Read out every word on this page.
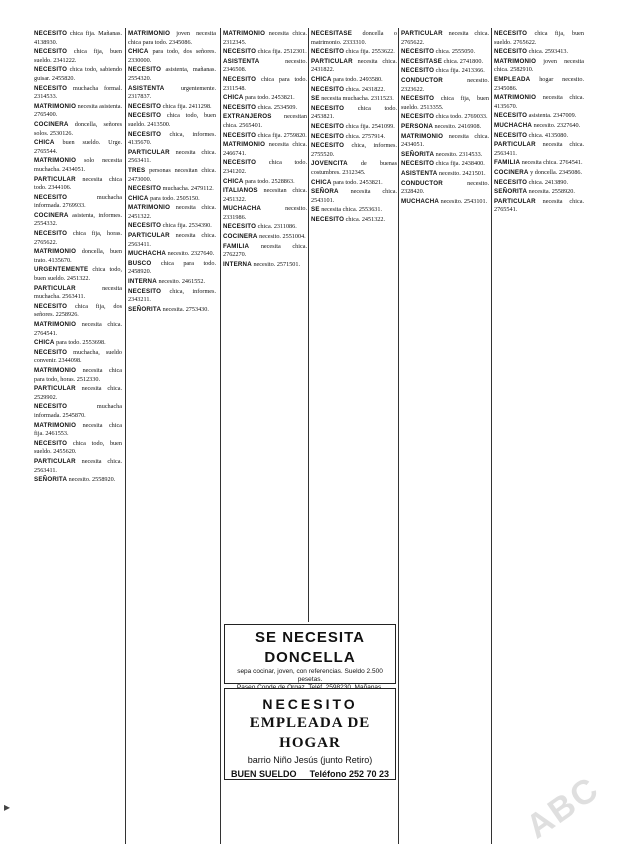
NECESITO chica fija. Mañanas. 4138930.

NECESITO chica fija, buen sueldo. 2341222.

NECESITO chica todo, sabiendo guisar. 2455820.

NECESITO muchacha formal. 2314533.

MATRIMONIO necesita asistenta. 2765400.

COCINERA doncella, señores solos. 2530126.

CHICA buen sueldo. Urge. 2765544.

MATRIMONIO solo necesita muchacha. 2434051.

PARTICULAR necesita chica todo. 2344106.

NECESITO	muchacha informada. 2769933.

COCINERA asistenta, informes. 2554332.

NECESITO chica fija, horas. 2765622.

MATRIMONIO doncella, buen trato. 4135670.

URGENTEMENTE chica todo, buen sueldo. 2451322.

PARTICULAR	necesita muchacha. 2563411.

NECESITO chica fija, dos señores. 2258926.

MATRIMONIO necesita chica. 2764541.

CHICA para todo. 2553698.

NECESITO muchacha, sueldo convenir. 2344098.

MATRIMONIO necesita chica para todo, horas. 2512330.

PARTICULAR necesita chica. 2529902.

NECESITO	muchacha informada. 2545870.

MATRIMONIO necesita chica fija. 2461553.

NECESITO chica todo, buen sueldo. 2455620.

PARTICULAR necesita chica. 2563411.

SEÑORITA necesito. 2558920.

MATRIMONIO joven necesita chica para todo. 2345086.

CHICA para todo, dos señores. 2330000.

NECESITO asistenta, mañanas. 2554320.

ASISTENTA	urgentemente. 2317837.

NECESITO chica fija. 2411298.

NECESITO chica todo, buen sueldo. 2413500.

NECESITO chica, informes. 4135670.

PARTICULAR necesita chica. 2563411.

TRES personas necesitan chica. 2473000.

NECESITO muchacha. 2479112.

CHICA para todo. 2505150.

MATRIMONIO necesita chica. 2451322.

NECESITO chica fija. 2534390.

PARTICULAR necesita chica. 2563411.

MUCHACHA necesito. 2327640.

BUSCO chica para todo. 2458920.

INTERNA necesito. 2461552.

NECESITO chica, informes. 2343211.

SEÑORITA necesita. 2753430.

MATRIMONIO necesita chica. 2312345.

NECESITO chica fija. 2512301.

ASISTENTA	necesito. 2346508.

NECESITO chica para todo. 2311548.

CHICA para todo. 2453821.

NECESITO chica. 2534509.

EXTRANJEROS necesitan chica. 2565401.

NECESITO chica fija. 2759820.

MATRIMONIO necesita chica. 2466741.

NECESITO chica todo. 2341202.

CHICA para todo. 2528863.

ITALIANOS necesitan chica. 2451322.

MUCHACHA	necesito. 2331986.

NECESITO chica. 2311086.

COCINERA necesito. 2551004.

FAMILIA necesita chica. 2762270.

INTERNA necesito. 2571501.

NECESITASE doncella o matrimonio. 2333310.

NECESITO chica fija. 2553622.

PARTICULAR necesita chica. 2431822.

CHICA para todo. 2493580.

NECESITO chica. 2431822.

SE necesita muchacha. 2311523.

NECESITO chica todo. 2453821.

NECESITO chica fija. 2541099.

NECESITO chica. 2757914.

NECESITO chica, informes. 2755520.

JOVENCITA de buenas costumbres. 2312345.

CHICA para todo. 2453821.

SEÑORA necesita chica. 2543101.

SE necesita chica. 2553631.

NECESITO chica. 2451322.

PARTICULAR necesita chica. 2765622.

NECESITO chica. 2555050.

NECESITASE chica. 2741800.

NECESITO chica fija. 2413366.

CONDUCTOR	necesito. 2323622.

NECESITO chica fija, buen sueldo. 2513355.

NECESITO chica todo. 2769033.

PERSONA necesito. 2416908.

MATRIMONIO necesita chica. 2434051.

SEÑORITA necesito. 2314533.

NECESITO chica fija. 2438400.

ASISTENTA necesito. 2421501.

CONDUCTOR	necesito. 2328420.

MUCHACHA necesito. 2543101.

NECESITO chica fija, buen sueldo. 2765622.

NECESITO chica. 2593413.

MATRIMONIO joven necesita chica. 2582910.

EMPLEADA hogar necesito. 2345086.

MATRIMONIO necesita chica. 4135670.

NECESITO asistenta. 2347009.

MUCHACHA necesito. 2327640.

NECESITO chica. 4135080.

PARTICULAR necesita chica. 2563411.

FAMILIA necesita chica. 2764541.

COCINERA y doncella. 2345086.

NECESITO chica. 2413890.

SEÑORITA necesita. 2558920.

PARTICULAR necesita chica. 2765541.

SE NECESITA DONCELLA
sepa cocinar, joven, con referencias. Sueldo 2.500 pesetas.
NECESITO
EMPLEADA DE HOGAR
barrio Niño Jesús (junto Retiro)
BUEN SUELDO Teléfono 252 70 23
▸	ABC
